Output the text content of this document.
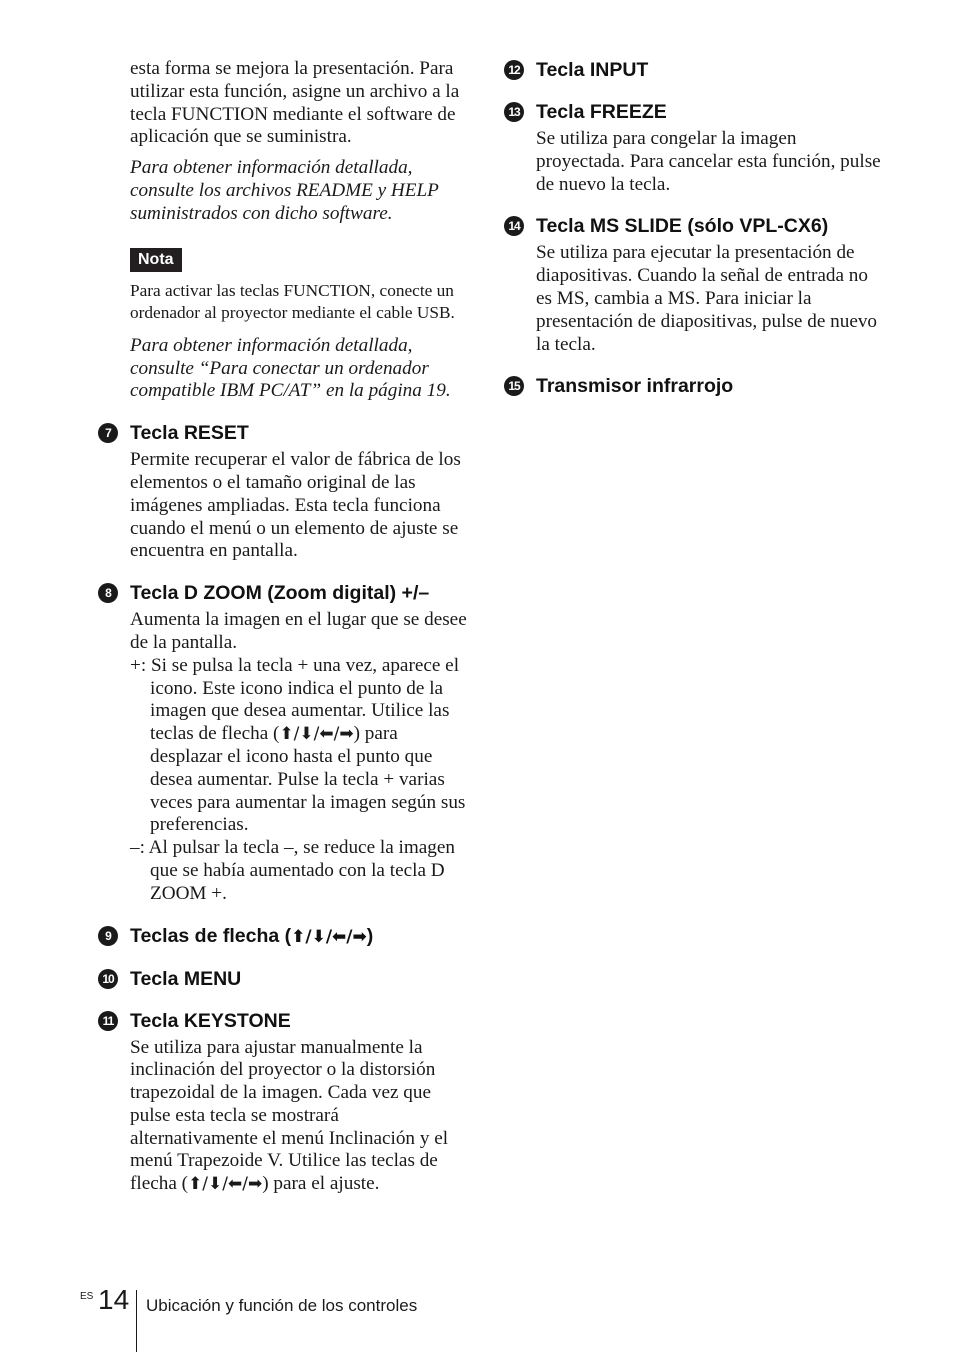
esta forma se mejora la presentación. Para utilizar esta función, asigne un archivo a la tecla FUNCTION mediante el software de aplicación que se suministra.

Para obtener información detallada, consulte los archivos README y HELP suministrados con dicho software.

Nota

Para activar las teclas FUNCTION, conecte un ordenador al proyector mediante el cable USB.

Para obtener información detallada, consulte “Para conectar un ordenador compatible IBM PC/AT” en la página 19.

7 Tecla RESET

Permite recuperar el valor de fábrica de los elementos o el tamaño original de las imágenes ampliadas. Esta tecla funciona cuando el menú o un elemento de ajuste se encuentra en pantalla.

8 Tecla D ZOOM (Zoom digital) +/–

Aumenta la imagen en el lugar que se desee de la pantalla.

+: Si se pulsa la tecla + una vez, aparece el icono. Este icono indica el punto de la imagen que desea aumentar. Utilice las teclas de flecha (⬆/⬇/⬅/➡) para desplazar el icono hasta el punto que desea aumentar. Pulse la tecla + varias veces para aumentar la imagen según sus preferencias.

–: Al pulsar la tecla –, se reduce la imagen que se había aumentado con la tecla D ZOOM +.

9 Teclas de flecha (⬆/⬇/⬅/➡)
10 Tecla MENU
11 Tecla KEYSTONE

Se utiliza para ajustar manualmente la inclinación del proyector o la distorsión trapezoidal de la imagen. Cada vez que pulse esta tecla se mostrará alternativamente el menú Inclinación y el menú Trapezoide V. Utilice las teclas de flecha (⬆/⬇/⬅/➡) para el ajuste.

12 Tecla INPUT
13 Tecla FREEZE

Se utiliza para congelar la imagen proyectada. Para cancelar esta función, pulse de nuevo la tecla.

14 Tecla MS SLIDE (sólo VPL-CX6)

Se utiliza para ejecutar la presentación de diapositivas. Cuando la señal de entrada no es MS, cambia a MS. Para iniciar la presentación de diapositivas, pulse de nuevo la tecla.

15 Transmisor infrarrojo
ES 14 Ubicación y función de los controles
